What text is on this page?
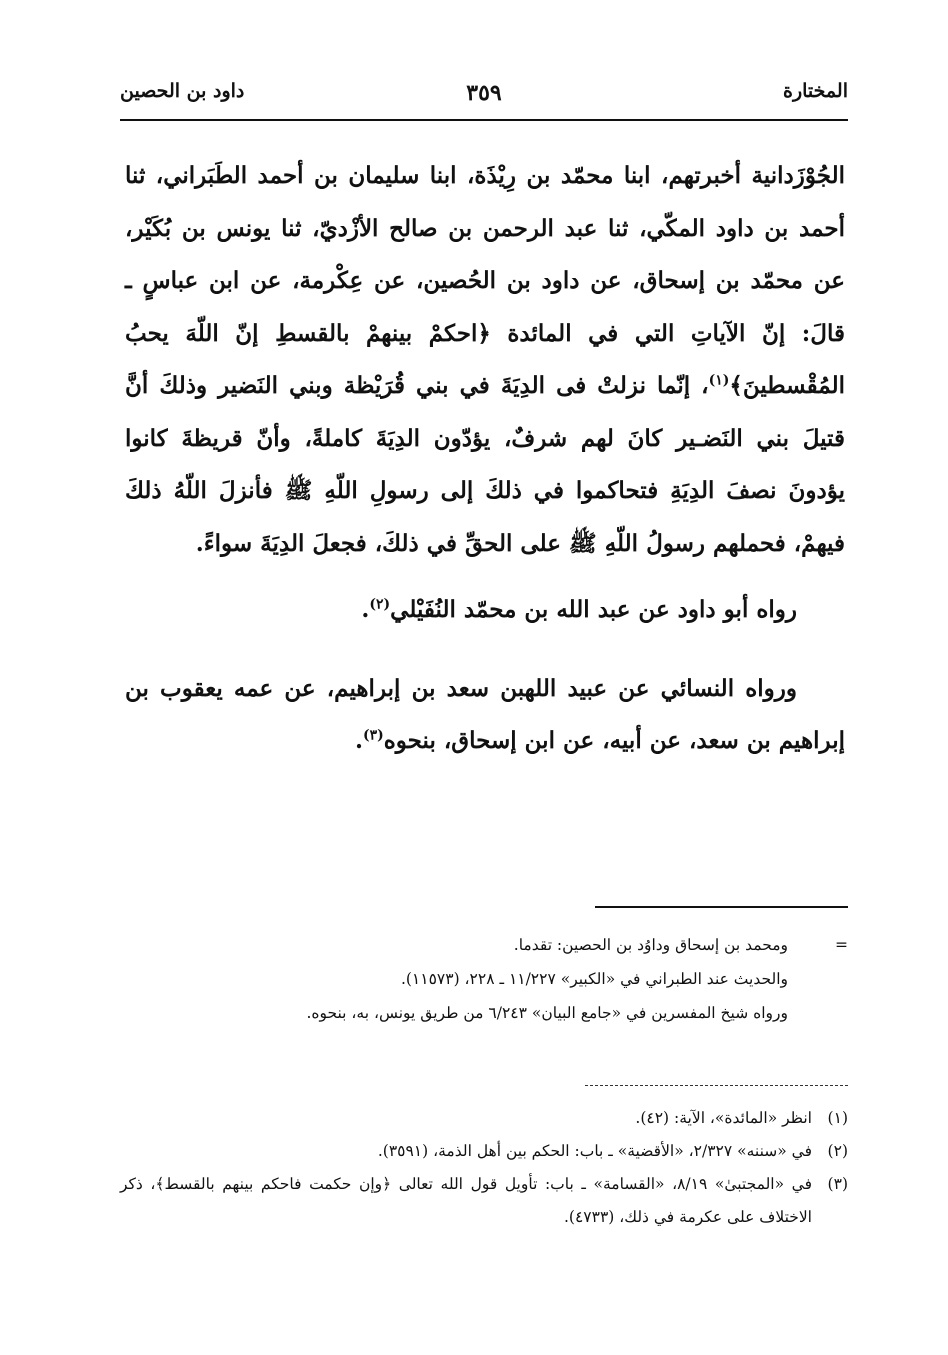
المختارة
٣٥٩
داود بن الحصين

الجُوْزَدانية أخبرتهم، ابنا محمّد بن رِيْذَة، ابنا سليمان بن أحمد الطَبَراني، ثنا أحمد بن داود المكّي، ثنا عبد الرحمن بن صالح الأزْديّ، ثنا يونس بن بُكَيْر، عن محمّد بن إسحاق، عن داود بن الحُصين، عن عِكْرمة، عن ابن عباسٍ ـ قالَ: إنّ الآياتِ التي في المائدة ﴿احكمْ بينهمْ بالقسطِ إنّ اللّهَ يحبُ المُقْسطينَ﴾$^{(١)}$، إنّما نزلتْ فى الدِيَةَ في بني قُرَيْظة وبني النَضير وذلكَ أنَّ قتيلَ بني النَضـير كانَ لهم شرفٌ، يؤدّون الدِيَةَ كاملةً، وأنّ قريظةَ كانوا يؤدونَ نصفَ الدِيَةِ فتحاكموا في ذلكَ إلى رسولِ اللّهِ ﷺ فأنزلَ اللّهُ ذلكَ فيهمْ، فحملهم رسولُ اللّهِ ﷺ على الحقِّ في ذلكَ، فجعلَ الدِيَةَ سواءً.

رواه أبو داود عن عبد الله بن محمّد النُفَيْلي$^{(٢)}$.

ورواه النسائي عن عبيد اللهبن سعد بن إبراهيم، عن عمه يعقوب بن إبراهيم بن سعد، عن أبيه، عن ابن إسحاق، بنحوه$^{(٣)}$.

=
ومحمد بن إسحاق وداوُد بن الحصين: تقدما.
والحديث عند الطبراني في «الكبير» ١١/٢٢٧ ـ ٢٢٨، (١١٥٧٣).
ورواه شيخ المفسرين في «جامع البيان» ٦/٢٤٣ من طريق يونس، به، بنحوه.
(١)
انظر «المائدة»، الآية: (٤٢).
(٢)
في «سننه» ٢/٣٢٧، «الأقضية» ـ باب: الحكم بين أهل الذمة، (٣٥٩١).
(٣)
في «المجتبىٰ» ٨/١٩، «القسامة» ـ باب: تأويل قول الله تعالى ﴿وإن حكمت فاحكم بينهم بالقسط﴾، ذكر الاختلاف على عكرمة في ذلك، (٤٧٣٣).
